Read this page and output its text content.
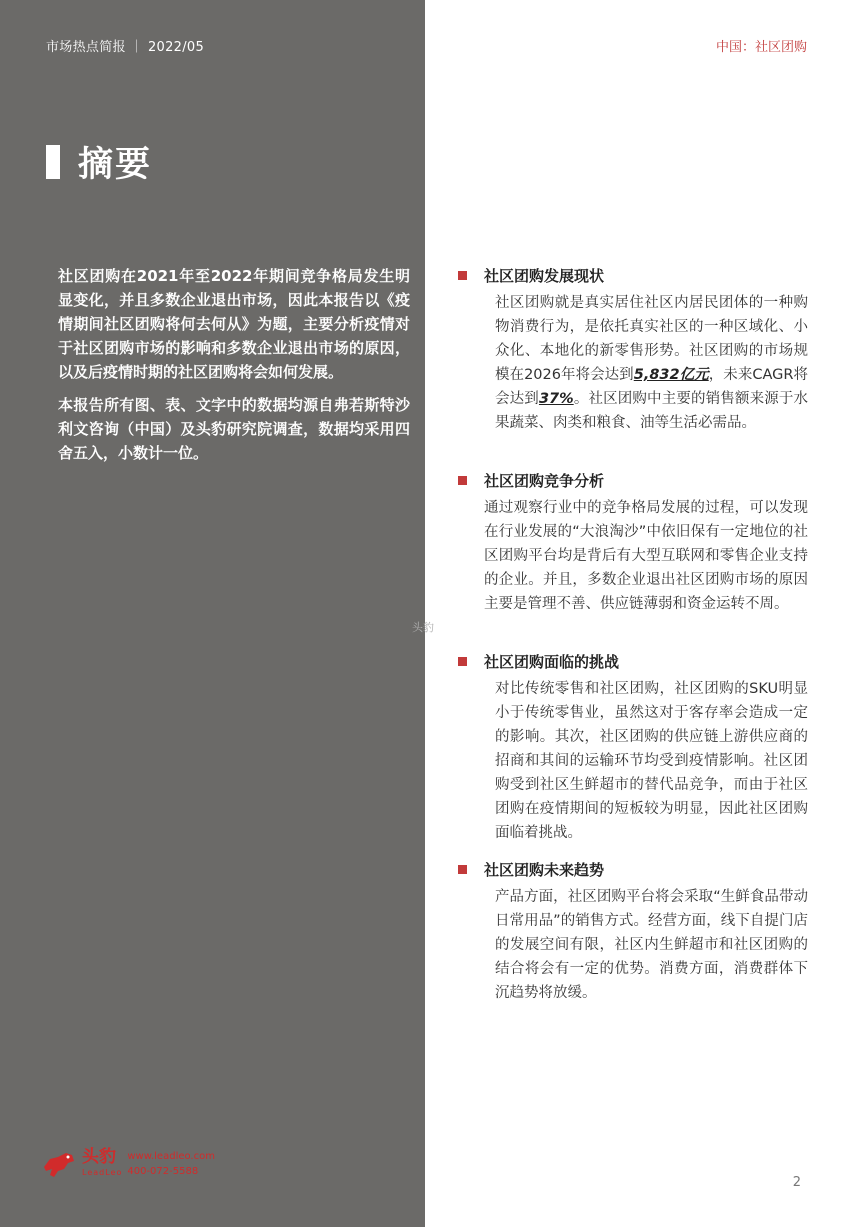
市场热点简报 ｜ 2022/05	中国：社区团购
摘要

社区团购在2021年至2022年期间竞争格局发生明显变化，并且多数企业退出市场，因此本报告以《疫情期间社区团购将何去何从》为题，主要分析疫情对于社区团购市场的影响和多数企业退出市场的原因，以及后疫情时期的社区团购将会如何发展。

本报告所有图、表、文字中的数据均源自弗若斯特沙利文咨询（中国）及头豹研究院调查，数据均采用四舍五入，小数计一位。

社区团购发展现状
社区团购就是真实居住社区内居民团体的一种购物消费行为，是依托真实社区的一种区域化、小众化、本地化的新零售形势。社区团购的市场规模在2026年将会达到5,832亿元，未来CAGR将会达到37%。社区团购中主要的销售额来源于水果蔬菜、肉类和粮食、油等生活必需品。
社区团购竞争分析
通过观察行业中的竞争格局发展的过程，可以发现在行业发展的“大浪淘沙”中依旧保有一定地位的社区团购平台均是背后有大型互联网和零售企业支持的企业。并且，多数企业退出社区团购市场的原因主要是管理不善、供应链薄弱和资金运转不周。
社区团购面临的挑战
对比传统零售和社区团购，社区团购的SKU明显小于传统零售业，虽然这对于客存率会造成一定的影响。其次，社区团购的供应链上游供应商的招商和其间的运输环节均受到疫情影响。社区团购受到社区生鲜超市的替代品竞争，而由于社区团购在疫情期间的短板较为明显，因此社区团购面临着挑战。
社区团购未来趋势
产品方面，社区团购平台将会采取“生鲜食品带动日常用品”的销售方式。经营方面，线下自提门店的发展空间有限，社区内生鲜超市和社区团购的结合将会有一定的优势。消费方面，消费群体下沉趋势将放缓。
头豹
头豹
LeadLeo
www.leadleo.com
400-072-5588
2
